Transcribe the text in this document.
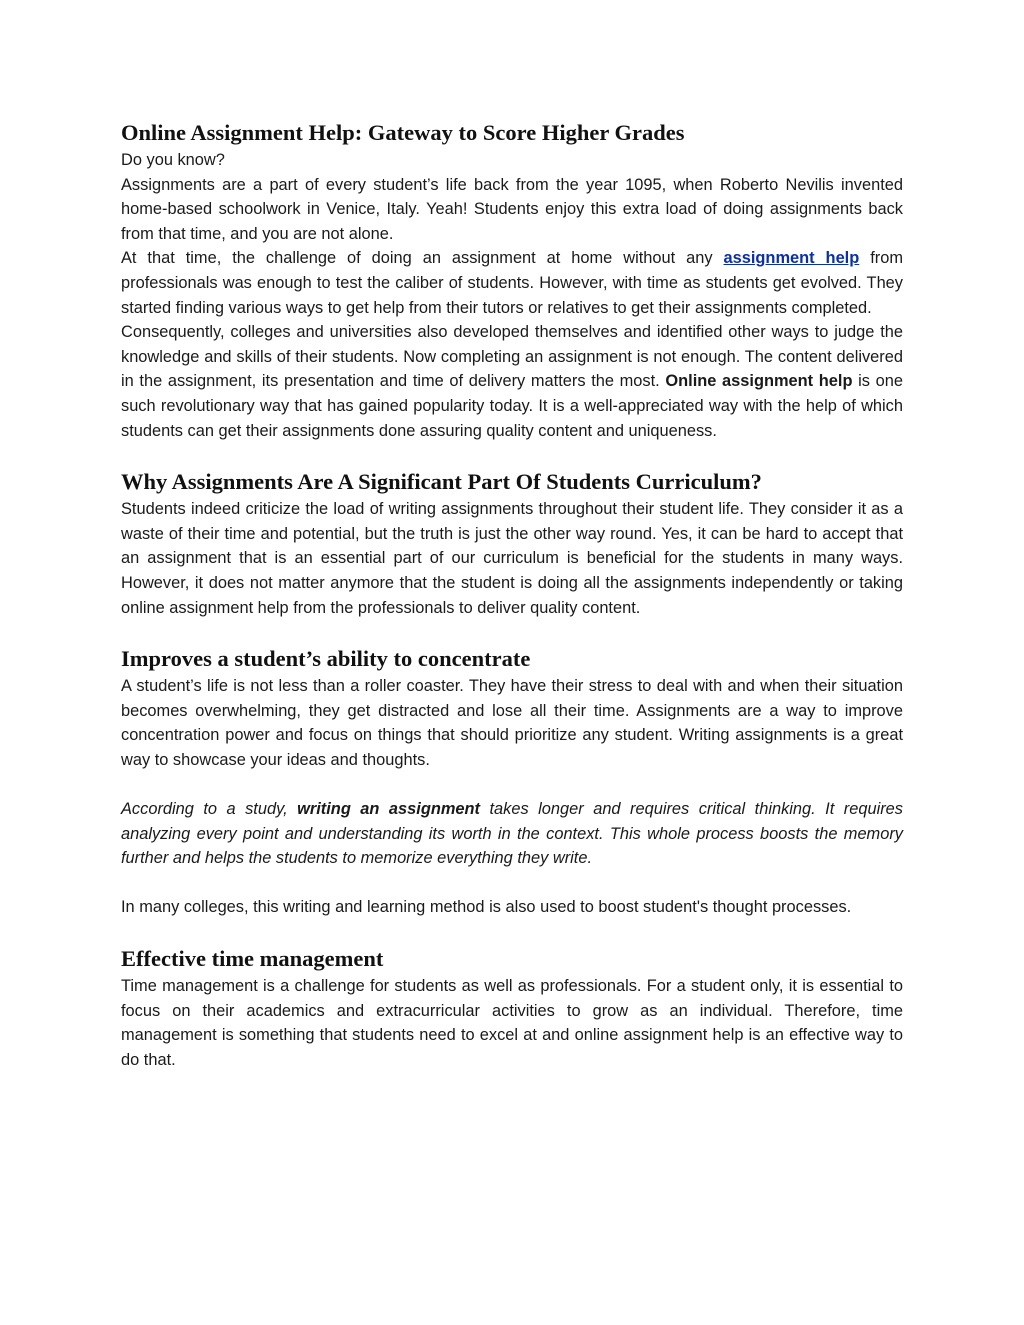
Online Assignment Help: Gateway to Score Higher Grades

Do you know?

Assignments are a part of every student’s life back from the year 1095, when Roberto Nevilis invented home-based schoolwork in Venice, Italy. Yeah! Students enjoy this extra load of doing assignments back from that time, and you are not alone.

At that time, the challenge of doing an assignment at home without any assignment help from professionals was enough to test the caliber of students. However, with time as students get evolved. They started finding various ways to get help from their tutors or relatives to get their assignments completed.

Consequently, colleges and universities also developed themselves and identified other ways to judge the knowledge and skills of their students. Now completing an assignment is not enough. The content delivered in the assignment, its presentation and time of delivery matters the most. Online assignment help is one such revolutionary way that has gained popularity today. It is a well-appreciated way with the help of which students can get their assignments done assuring quality content and uniqueness.

Why Assignments Are A Significant Part Of Students Curriculum?

Students indeed criticize the load of writing assignments throughout their student life. They consider it as a waste of their time and potential, but the truth is just the other way round. Yes, it can be hard to accept that an assignment that is an essential part of our curriculum is beneficial for the students in many ways. However, it does not matter anymore that the student is doing all the assignments independently or taking online assignment help from the professionals to deliver quality content.

Improves a student’s ability to concentrate

A student’s life is not less than a roller coaster. They have their stress to deal with and when their situation becomes overwhelming, they get distracted and lose all their time. Assignments are a way to improve concentration power and focus on things that should prioritize any student. Writing assignments is a great way to showcase your ideas and thoughts.

According to a study, writing an assignment takes longer and requires critical thinking. It requires analyzing every point and understanding its worth in the context. This whole process boosts the memory further and helps the students to memorize everything they write.

In many colleges, this writing and learning method is also used to boost student's thought processes.

Effective time management

Time management is a challenge for students as well as professionals. For a student only, it is essential to focus on their academics and extracurricular activities to grow as an individual. Therefore, time management is something that students need to excel at and online assignment help is an effective way to do that.
